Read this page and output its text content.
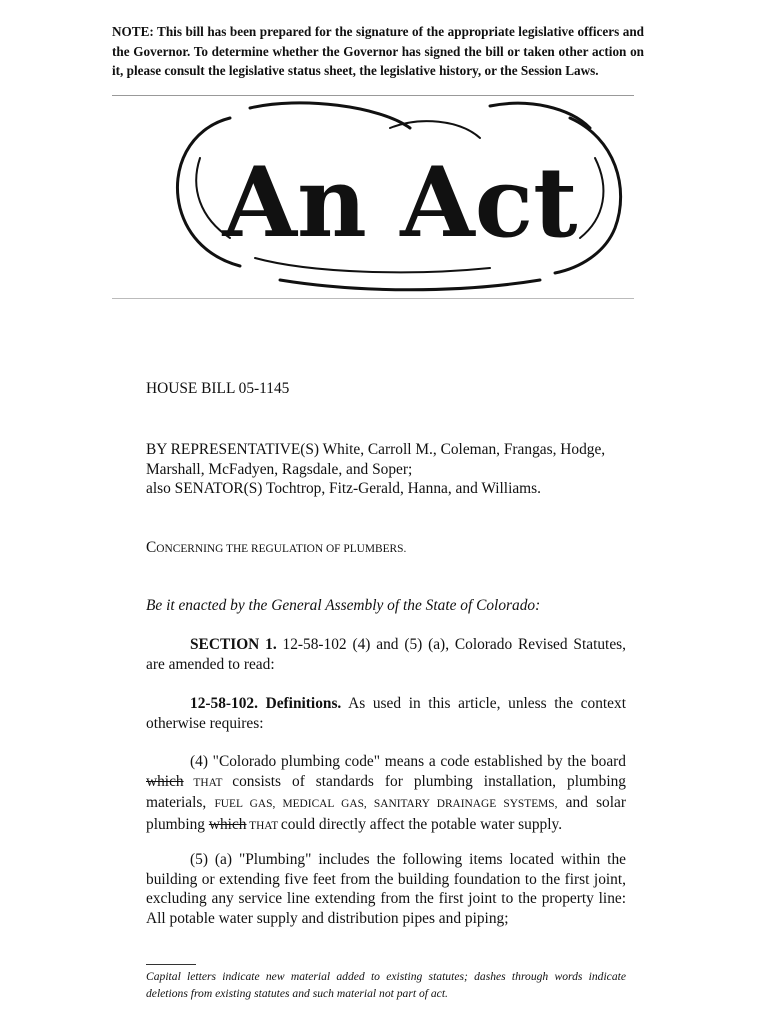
NOTE: This bill has been prepared for the signature of the appropriate legislative officers and the Governor. To determine whether the Governor has signed the bill or taken other action on it, please consult the legislative status sheet, the legislative history, or the Session Laws.
An Act
HOUSE BILL 05-1145
BY REPRESENTATIVE(S) White, Carroll M., Coleman, Frangas, Hodge,
Marshall, McFadyen, Ragsdale, and Soper;
also SENATOR(S) Tochtrop, Fitz-Gerald, Hanna, and Williams.
CONCERNING THE REGULATION OF PLUMBERS.
Be it enacted by the General Assembly of the State of Colorado:
SECTION 1. 12-58-102 (4) and (5) (a), Colorado Revised Statutes, are amended to read:
12-58-102. Definitions. As used in this article, unless the context otherwise requires:
(4) "Colorado plumbing code" means a code established by the board which THAT consists of standards for plumbing installation, plumbing materials, FUEL GAS, MEDICAL GAS, SANITARY DRAINAGE SYSTEMS, and solar plumbing which THAT could directly affect the potable water supply.
(5) (a) "Plumbing" includes the following items located within the building or extending five feet from the building foundation to the first joint, excluding any service line extending from the first joint to the property line: All potable water supply and distribution pipes and piping;
Capital letters indicate new material added to existing statutes; dashes through words indicate deletions from existing statutes and such material not part of act.
